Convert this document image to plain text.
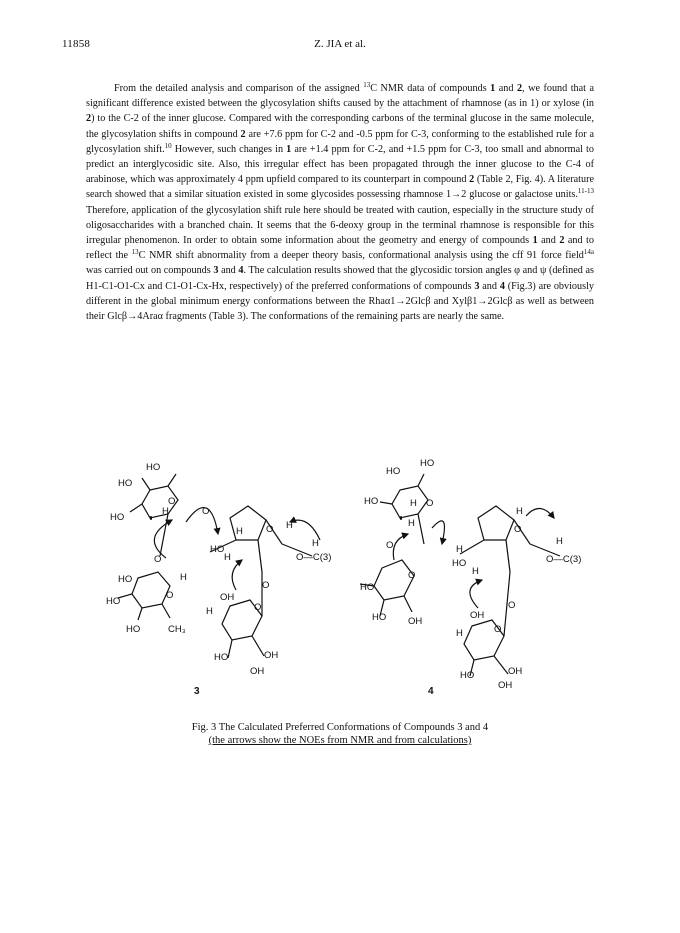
11858	Z. JIA et al.

From the detailed analysis and comparison of the assigned $^{13}$C NMR data of compounds 1 and 2, we found that a significant difference existed between the glycosylation shifts caused by the attachment of rhamnose (as in 1) or xylose (in 2) to the C-2 of the inner glucose. Compared with the corresponding carbons of the terminal glucose in the same molecule, the glycosylation shifts in compound 2 are +7.6 ppm for C-2 and -0.5 ppm for C-3, conforming to the established rule for a glycosylation shift.$^{10}$ However, such changes in 1 are +1.4 ppm for C-2, and +1.5 ppm for C-3, too small and abnormal to predict an interglycosidic site. Also, this irregular effect has been propagated through the inner glucose to the C-4 of arabinose, which was approximately 4 ppm upfield compared to its counterpart in compound 2 (Table 2, Fig. 4). A literature search showed that a similar situation existed in some glycosides possessing rhamnose 1→2 glucose or galactose units.$^{11-13}$ Therefore, application of the glycosylation shift rule here should be treated with caution, especially in the structure study of oligosaccharides with a branched chain. It seems that the 6-deoxy group in the terminal rhamnose is responsible for this irregular phenomenon. In order to obtain some information about the geometry and energy of compounds 1 and 2 and to reflect the $^{13}$C NMR shift abnormality from a deeper theory basis, conformational analysis using the cff 91 force field$^{14a}$ was carried out on compounds 3 and 4. The calculation results showed that the glycosidic torsion angles φ and ψ (defined as H1-C1-O1-Cx and C1-O1-Cx-Hx, respectively) of the preferred conformations of compounds 3 and 4 (Fig.3) are obviously different in the global minimum energy conformations between the Rhaα1→2Glcβ and Xylβ1→2Glcβ as well as between their Glcβ→4Araα fragments (Table 3). The conformations of the remaining parts are nearly the same.

HO
HO
HO
O
H	O
H
HO
H
O H
H
O—C(3)
O
H
HO
O
HO
HO	CH₃
O
OH
H	O
HO	OH
OH
3
HO
HO
HO	H O
H
O	H
HO
H
O
H
H
O—C(3)
HO
O
HO OH
O
OH
H	O
HO	OH
OH
4
Fig. 3 The Calculated Preferred Conformations of Compounds 3 and 4
(the arrows show the NOEs from NMR and from calculations)
